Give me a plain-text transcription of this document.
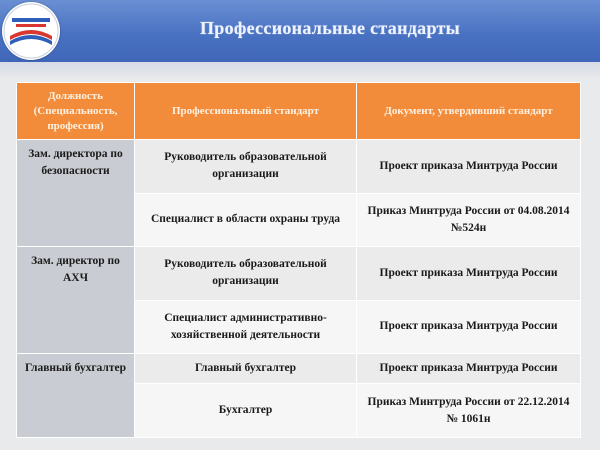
Профессиональные стандарты
Должность (Специальность, профессия)	Профессиональный стандарт	Документ, утвердивший стандарт
Зам. директора по безопасности	Руководитель образовательной организации	Проект приказа Минтруда России
	Специалист в области охраны труда	Приказ Минтруда России от 04.08.2014 №524н
Зам. директор по АХЧ	Руководитель образовательной организации	Проект приказа Минтруда России
	Специалист административно-хозяйственной деятельности	Проект приказа Минтруда России
Главный бухгалтер	Главный бухгалтер	Проект приказа Минтруда России
	Бухгалтер	Приказ Минтруда России от 22.12.2014 № 1061н
